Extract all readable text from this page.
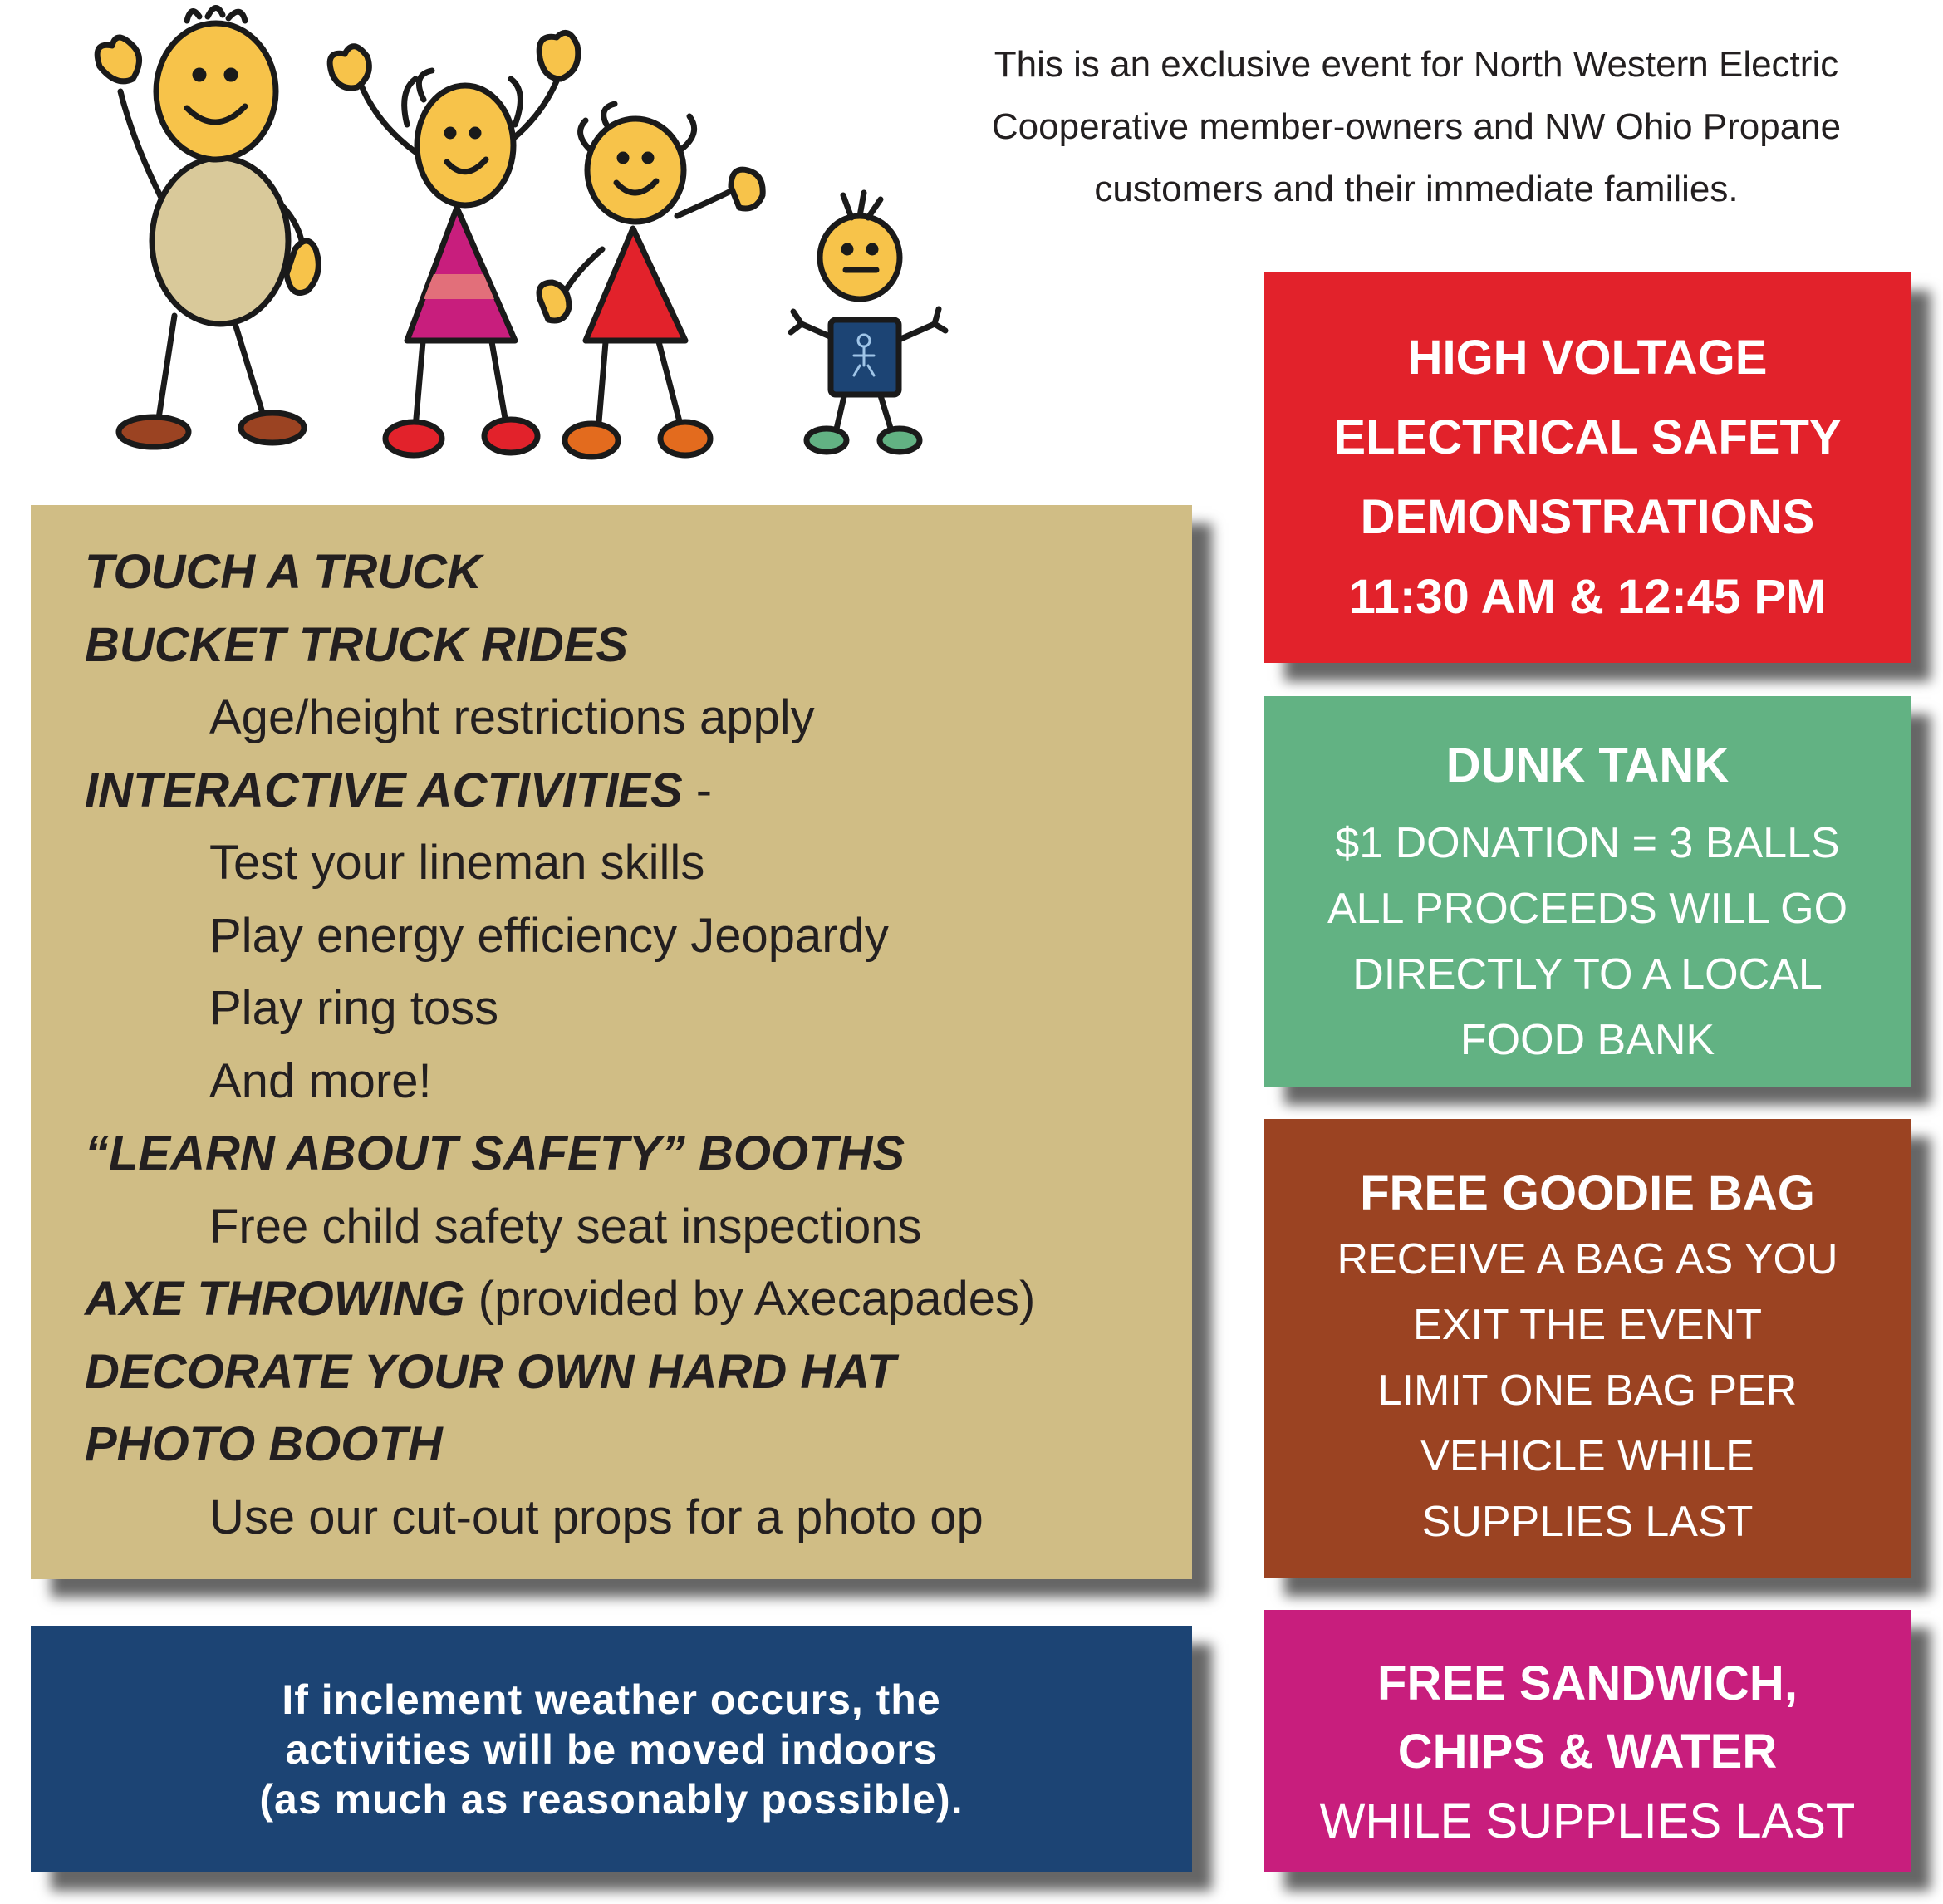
This is an exclusive event for North Western Electric
Cooperative member-owners and NW Ohio Propane
customers and their immediate families.
TOUCH A TRUCK
BUCKET TRUCK RIDES
Age/height restrictions apply
INTERACTIVE ACTIVITIES -
Test your lineman skills
Play energy efficiency Jeopardy
Play ring toss
And more!
“LEARN ABOUT SAFETY” BOOTHS
Free child safety seat inspections
AXE THROWING (provided by Axecapades)
DECORATE YOUR OWN HARD HAT
PHOTO BOOTH
Use our cut-out props for a photo op
If inclement weather occurs, the
activities will be moved indoors
(as much as reasonably possible).
HIGH VOLTAGE
ELECTRICAL SAFETY
DEMONSTRATIONS
11:30 AM & 12:45 PM
DUNK TANK
$1 DONATION = 3 BALLS
ALL PROCEEDS WILL GO
DIRECTLY TO A LOCAL
FOOD BANK
FREE GOODIE BAG
RECEIVE A BAG AS YOU
EXIT THE EVENT
LIMIT ONE BAG PER
VEHICLE WHILE
SUPPLIES LAST
FREE SANDWICH,
CHIPS & WATER
WHILE SUPPLIES LAST
